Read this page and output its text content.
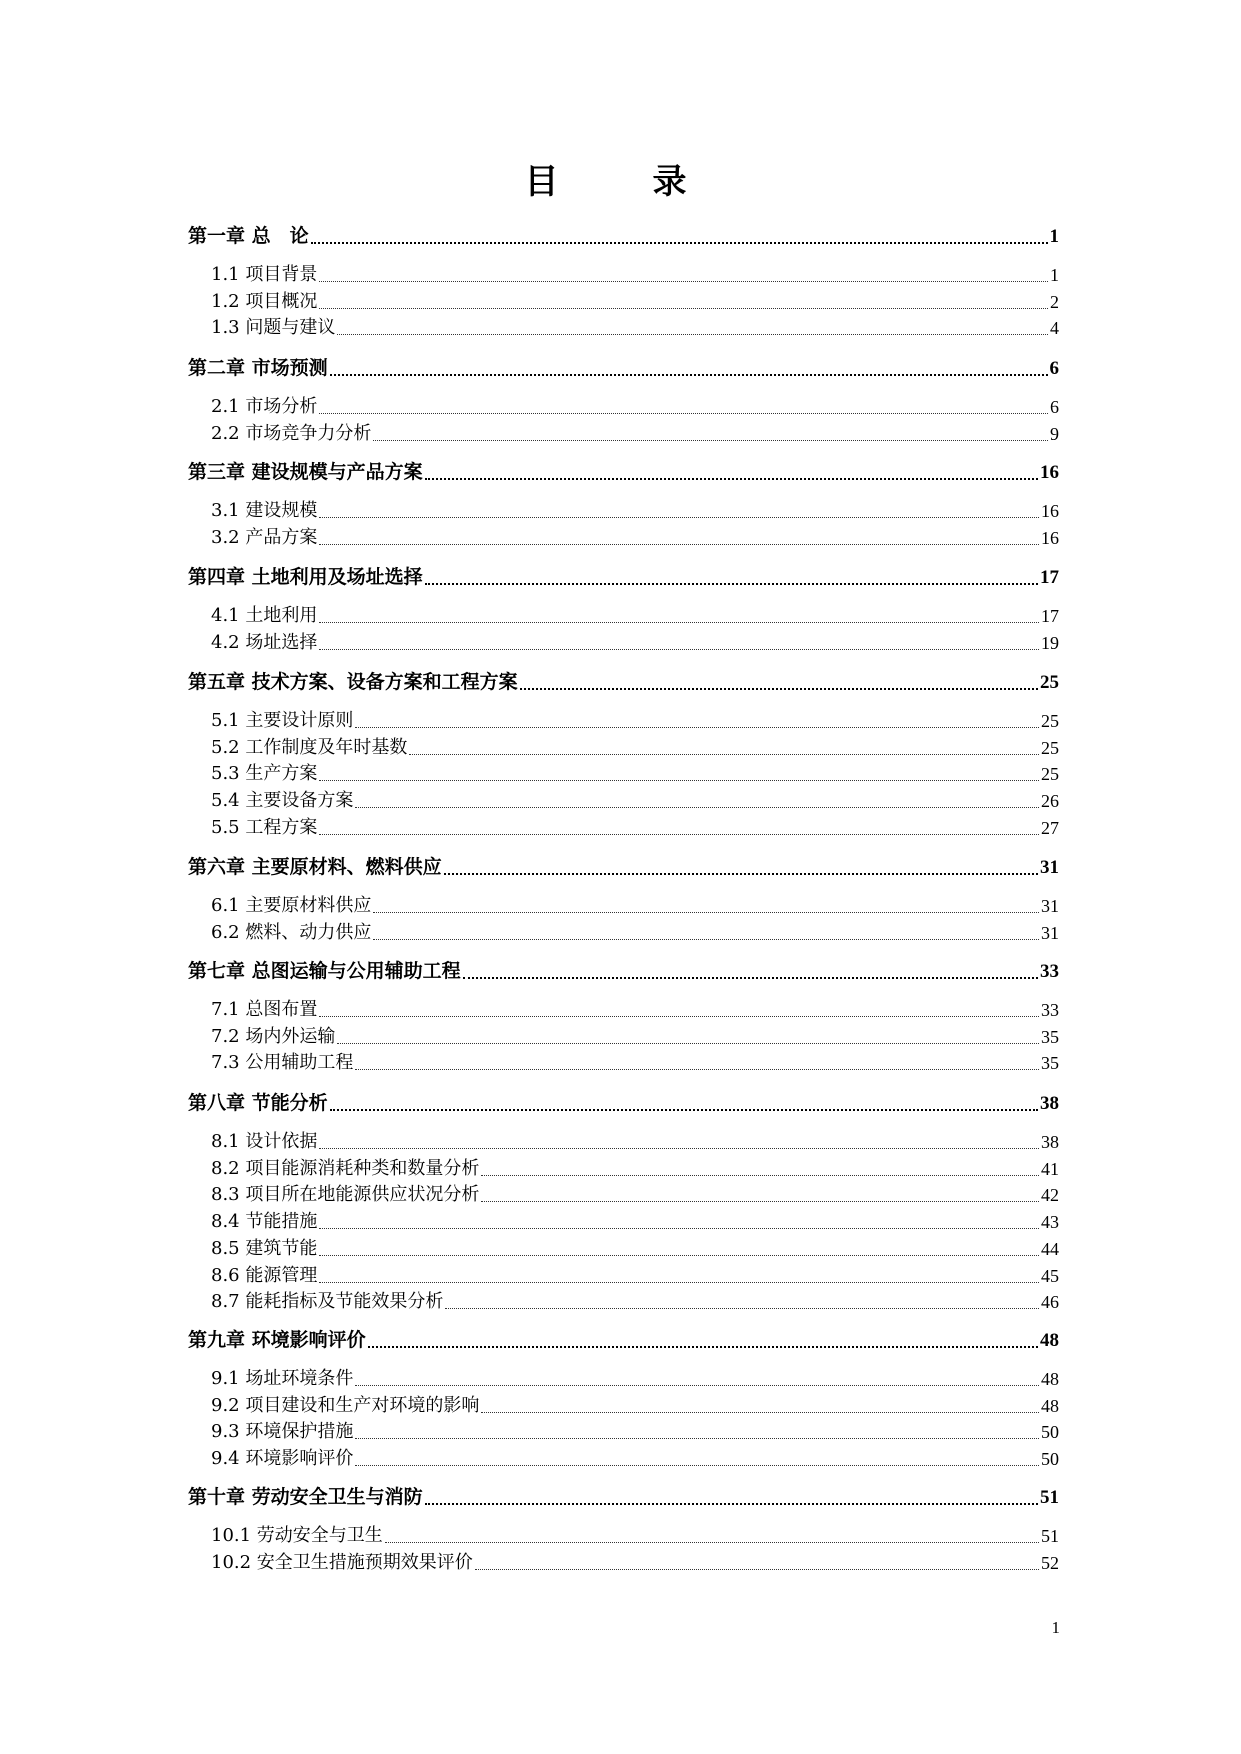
目　录
第一章 总　论	1
1.1 项目背景	1
1.2 项目概况	2
1.3 问题与建议	4
第二章 市场预测	6
2.1 市场分析	6
2.2 市场竞争力分析	9
第三章 建设规模与产品方案	16
3.1 建设规模	16
3.2 产品方案	16
第四章 土地利用及场址选择	17
4.1 土地利用	17
4.2 场址选择	19
第五章 技术方案、设备方案和工程方案	25
5.1 主要设计原则	25
5.2 工作制度及年时基数	25
5.3 生产方案	25
5.4 主要设备方案	26
5.5 工程方案	27
第六章 主要原材料、燃料供应	31
6.1 主要原材料供应	31
6.2 燃料、动力供应	31
第七章 总图运输与公用辅助工程	33
7.1 总图布置	33
7.2 场内外运输	35
7.3 公用辅助工程	35
第八章 节能分析	38
8.1 设计依据	38
8.2 项目能源消耗种类和数量分析	41
8.3 项目所在地能源供应状况分析	42
8.4 节能措施	43
8.5 建筑节能	44
8.6 能源管理	45
8.7 能耗指标及节能效果分析	46
第九章 环境影响评价	48
9.1 场址环境条件	48
9.2 项目建设和生产对环境的影响	48
9.3 环境保护措施	50
9.4 环境影响评价	50
第十章 劳动安全卫生与消防	51
10.1 劳动安全与卫生	51
10.2 安全卫生措施预期效果评价	52
1
